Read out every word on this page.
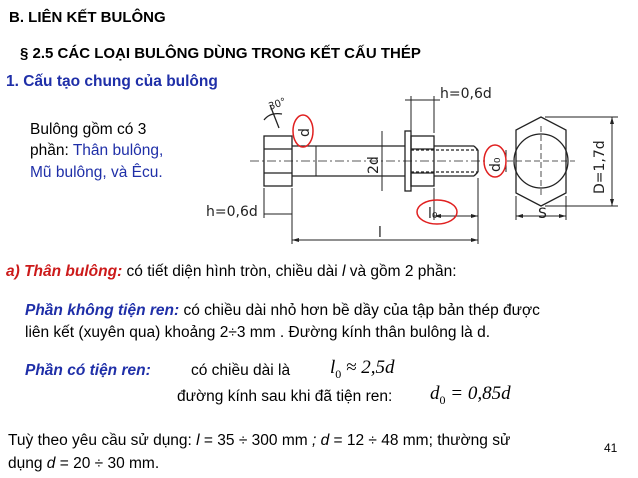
B. LIÊN KẾT BULÔNG
§ 2.5 CÁC LOẠI BULÔNG DÙNG TRONG KẾT CẤU THÉP
1. Cấu tạo chung của bulông
Bulông gồm có 3
phần: Thân bulông,
Mũ bulông, và Êcu.
30°
h=0,6d
h=0,6d
d
2d	d₀
l₀
l
S
D=1,7d
a) Thân bulông: có tiết diện hình tròn, chiều dài l và gồm 2 phần:
Phần không tiện ren: có chiều dài nhỏ hơn bề dầy của tập bản thép được
liên kết (xuyên qua) khoảng 2÷3 mm . Đường kính thân bulông là d.
Phần có tiện ren:	có chiều dài là $l_0 \approx 2,5d$
đường kính sau khi đã tiện ren: $d_0 = 0,85d$
Tuỳ theo yêu cầu sử dụng: l = 35 ÷ 300 mm ; d = 12 ÷ 48 mm; thường sử
dụng d = 20 ÷ 30 mm.
41
